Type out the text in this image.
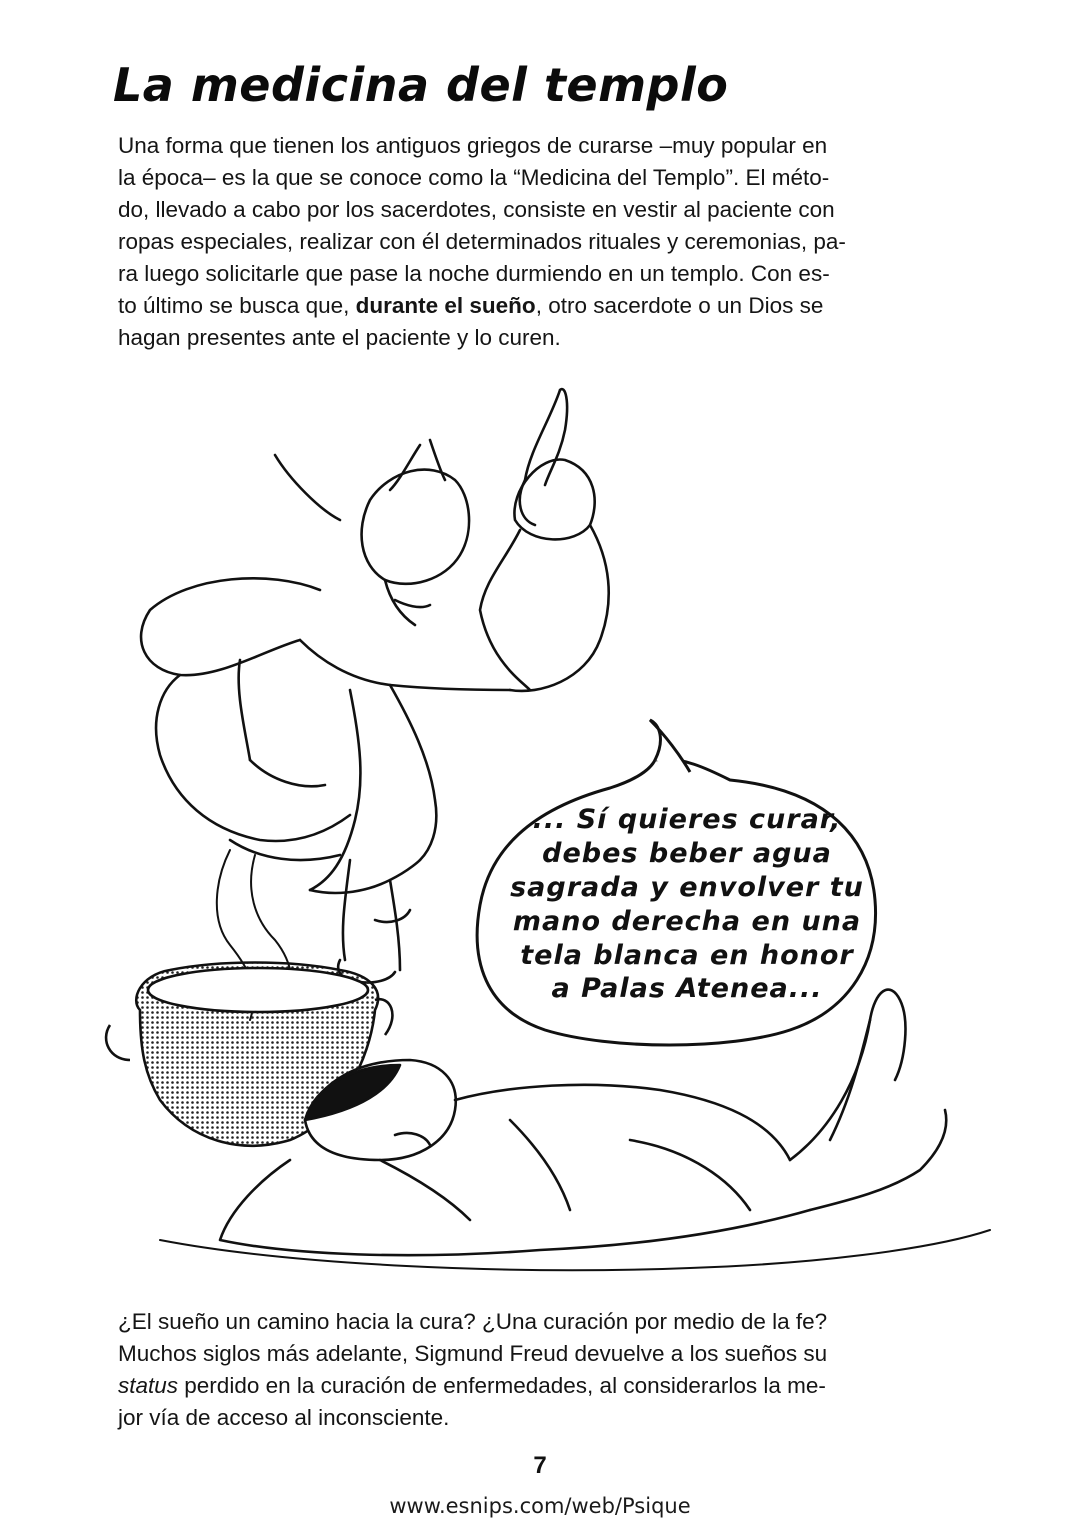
La medicina del templo

Una forma que tienen los antiguos griegos de curarse –muy popular en
la época– es la que se conoce como la “Medicina del Templo”. El méto-
do, llevado a cabo por los sacerdotes, consiste en vestir al paciente con
ropas especiales, realizar con él determinados rituales y ceremonias, pa-
ra luego solicitarle que pase la noche durmiendo en un templo. Con es-
to último se busca que, durante el sueño, otro sacerdote o un Dios se
hagan presentes ante el paciente y lo curen.

... Sí quieres curar,
debes beber agua
sagrada y envolver tu
mano derecha en una
tela blanca en honor
a Palas Atenea...

¿El sueño un camino hacia la cura? ¿Una curación por medio de la fe?
Muchos siglos más adelante, Sigmund Freud devuelve a los sueños su
status perdido en la curación de enfermedades, al considerarlos la me-
jor vía de acceso al inconsciente.

7

www.esnips.com/web/Psique
